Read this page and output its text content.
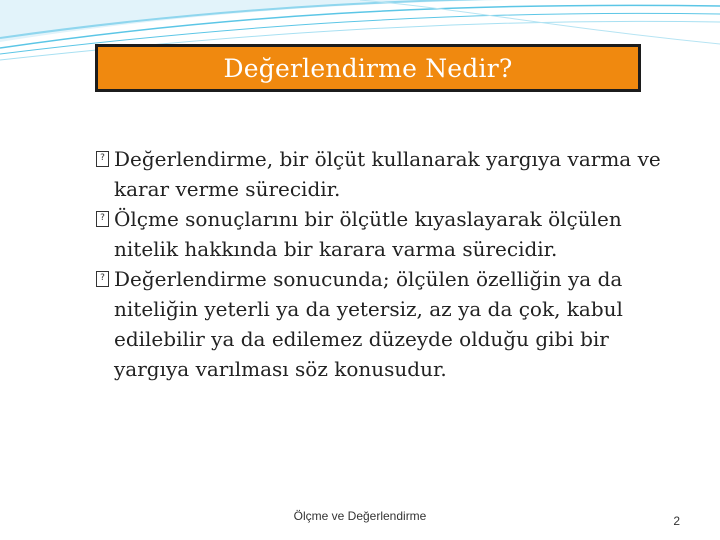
Değerlendirme Nedir?
? Değerlendirme, bir ölçüt kullanarak yargıya varma ve karar verme sürecidir.
? Ölçme sonuçlarını bir ölçütle kıyaslayarak ölçülen nitelik hakkında bir karara varma sürecidir.
? Değerlendirme sonucunda; ölçülen özelliğin ya da niteliğin yeterli ya da yetersiz, az ya da çok, kabul edilebilir ya da edilemez düzeyde olduğu gibi bir yargıya varılması söz konusudur.
Ölçme ve Değerlendirme	2
